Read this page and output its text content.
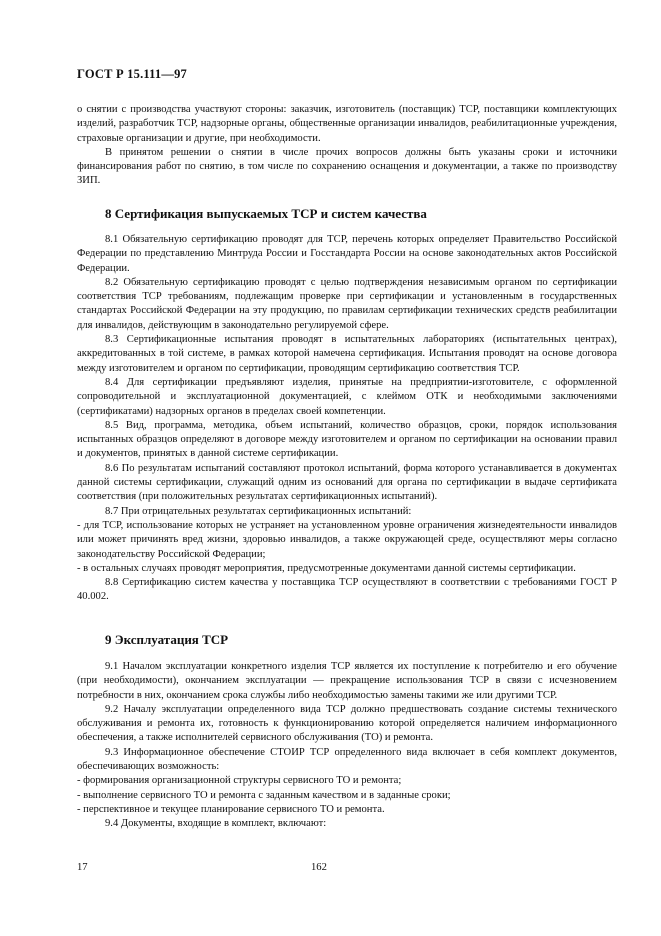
ГОСТ Р 15.111—97

о снятии с производства участвуют стороны: заказчик, изготовитель (поставщик) ТСР, поставщики комплектующих изделий, разработчик ТСР, надзорные органы, общественные организации инвалидов, реабилитационные учреждения, страховые организации и другие, при необходимости.

В принятом решении о снятии в числе прочих вопросов должны быть указаны сроки и источники финансирования работ по снятию, в том числе по сохранению оснащения и документации, а также по производству ЗИП.

8 Сертификация выпускаемых ТСР и систем качества

8.1 Обязательную сертификацию проводят для ТСР, перечень которых определяет Правительство Российской Федерации по представлению Минтруда России и Госстандарта России на основе законодательных актов Российской Федерации.

8.2 Обязательную сертификацию проводят с целью подтверждения независимым органом по сертификации соответствия ТСР требованиям, подлежащим проверке при сертификации и установленным в государственных стандартах Российской Федерации на эту продукцию, по правилам сертификации технических средств реабилитации для инвалидов, действующим в законодательно регулируемой сфере.

8.3 Сертификационные испытания проводят в испытательных лабораториях (испытательных центрах), аккредитованных в той системе, в рамках которой намечена сертификация. Испытания проводят на основе договора между изготовителем и органом по сертификации, проводящим сертификацию соответствия ТСР.

8.4 Для сертификации предъявляют изделия, принятые на предприятии-изготовителе, с оформленной сопроводительной и эксплуатационной документацией, с клеймом ОТК и необходимыми заключениями (сертификатами) надзорных органов в пределах своей компетенции.

8.5 Вид, программа, методика, объем испытаний, количество образцов, сроки, порядок использования испытанных образцов определяют в договоре между изготовителем и органом по сертификации на основании правил и документов, принятых в данной системе сертификации.

8.6 По результатам испытаний составляют протокол испытаний, форма которого устанавливается в документах данной системы сертификации, служащий одним из оснований для органа по сертификации в выдаче сертификата соответствия (при положительных результатах сертификационных испытаний).

8.7 При отрицательных результатах сертификационных испытаний:

- для ТСР, использование которых не устраняет на установленном уровне ограничения жизнедеятельности инвалидов или может причинять вред жизни, здоровью инвалидов, а также окружающей среде, осуществляют меры согласно законодательству Российской Федерации;

- в остальных случаях проводят мероприятия, предусмотренные документами данной системы сертификации.

8.8 Сертификацию систем качества у поставщика ТСР осуществляют в соответствии с требованиями ГОСТ Р 40.002.

9 Эксплуатация ТСР

9.1 Началом эксплуатации конкретного изделия ТСР является их поступление к потребителю и его обучение (при необходимости), окончанием эксплуатации — прекращение использования ТСР в связи с исчезновением потребности в них, окончанием срока службы либо необходимостью замены такими же или другими ТСР.

9.2 Началу эксплуатации определенного вида ТСР должно предшествовать создание системы технического обслуживания и ремонта их, готовность к функционированию которой определяется наличием информационного обеспечения, а также исполнителей сервисного обслуживания (ТО) и ремонта.

9.3 Информационное обеспечение СТОИР ТСР определенного вида включает в себя комплект документов, обеспечивающих возможность:

- формирования организационной структуры сервисного ТО и ремонта;

- выполнение сервисного ТО и ремонта с заданным качеством и в заданные сроки;

- перспективное и текущее планирование сервисного ТО и ремонта.

9.4 Документы, входящие в комплект, включают:

17	162
